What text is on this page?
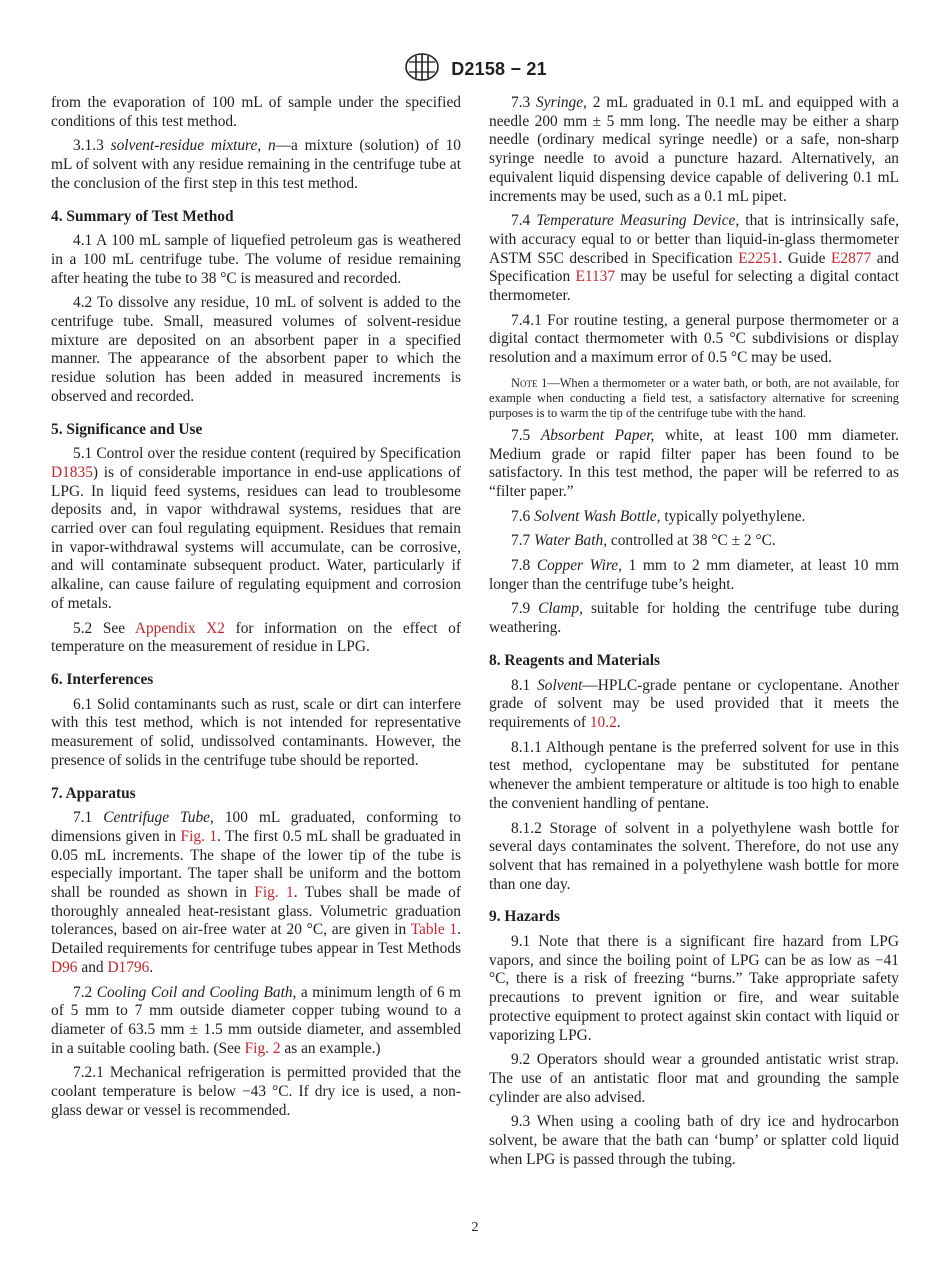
D2158 − 21

from the evaporation of 100 mL of sample under the specified conditions of this test method.

3.1.3 solvent-residue mixture, n—a mixture (solution) of 10 mL of solvent with any residue remaining in the centrifuge tube at the conclusion of the first step in this test method.

4. Summary of Test Method

4.1 A 100 mL sample of liquefied petroleum gas is weathered in a 100 mL centrifuge tube. The volume of residue remaining after heating the tube to 38 °C is measured and recorded.

4.2 To dissolve any residue, 10 mL of solvent is added to the centrifuge tube. Small, measured volumes of solvent-residue mixture are deposited on an absorbent paper in a specified manner. The appearance of the absorbent paper to which the residue solution has been added in measured increments is observed and recorded.

5. Significance and Use

5.1 Control over the residue content (required by Specification D1835) is of considerable importance in end-use applications of LPG. In liquid feed systems, residues can lead to troublesome deposits and, in vapor withdrawal systems, residues that are carried over can foul regulating equipment. Residues that remain in vapor-withdrawal systems will accumulate, can be corrosive, and will contaminate subsequent product. Water, particularly if alkaline, can cause failure of regulating equipment and corrosion of metals.

5.2 See Appendix X2 for information on the effect of temperature on the measurement of residue in LPG.

6. Interferences

6.1 Solid contaminants such as rust, scale or dirt can interfere with this test method, which is not intended for representative measurement of solid, undissolved contaminants. However, the presence of solids in the centrifuge tube should be reported.

7. Apparatus

7.1 Centrifuge Tube, 100 mL graduated, conforming to dimensions given in Fig. 1. The first 0.5 mL shall be graduated in 0.05 mL increments. The shape of the lower tip of the tube is especially important. The taper shall be uniform and the bottom shall be rounded as shown in Fig. 1. Tubes shall be made of thoroughly annealed heat-resistant glass. Volumetric graduation tolerances, based on air-free water at 20 °C, are given in Table 1. Detailed requirements for centrifuge tubes appear in Test Methods D96 and D1796.

7.2 Cooling Coil and Cooling Bath, a minimum length of 6 m of 5 mm to 7 mm outside diameter copper tubing wound to a diameter of 63.5 mm ± 1.5 mm outside diameter, and assembled in a suitable cooling bath. (See Fig. 2 as an example.)

7.2.1 Mechanical refrigeration is permitted provided that the coolant temperature is below −43 °C. If dry ice is used, a non-glass dewar or vessel is recommended.

7.3 Syringe, 2 mL graduated in 0.1 mL and equipped with a needle 200 mm ± 5 mm long. The needle may be either a sharp needle (ordinary medical syringe needle) or a safe, non-sharp syringe needle to avoid a puncture hazard. Alternatively, an equivalent liquid dispensing device capable of delivering 0.1 mL increments may be used, such as a 0.1 mL pipet.

7.4 Temperature Measuring Device, that is intrinsically safe, with accuracy equal to or better than liquid-in-glass thermometer ASTM S5C described in Specification E2251. Guide E2877 and Specification E1137 may be useful for selecting a digital contact thermometer.

7.4.1 For routine testing, a general purpose thermometer or a digital contact thermometer with 0.5 °C subdivisions or display resolution and a maximum error of 0.5 °C may be used.

Note 1—When a thermometer or a water bath, or both, are not available, for example when conducting a field test, a satisfactory alternative for screening purposes is to warm the tip of the centrifuge tube with the hand.

7.5 Absorbent Paper, white, at least 100 mm diameter. Medium grade or rapid filter paper has been found to be satisfactory. In this test method, the paper will be referred to as “filter paper.”

7.6 Solvent Wash Bottle, typically polyethylene.

7.7 Water Bath, controlled at 38 °C ± 2 °C.

7.8 Copper Wire, 1 mm to 2 mm diameter, at least 10 mm longer than the centrifuge tube’s height.

7.9 Clamp, suitable for holding the centrifuge tube during weathering.

8. Reagents and Materials

8.1 Solvent—HPLC-grade pentane or cyclopentane. Another grade of solvent may be used provided that it meets the requirements of 10.2.

8.1.1 Although pentane is the preferred solvent for use in this test method, cyclopentane may be substituted for pentane whenever the ambient temperature or altitude is too high to enable the convenient handling of pentane.

8.1.2 Storage of solvent in a polyethylene wash bottle for several days contaminates the solvent. Therefore, do not use any solvent that has remained in a polyethylene wash bottle for more than one day.

9. Hazards

9.1 Note that there is a significant fire hazard from LPG vapors, and since the boiling point of LPG can be as low as −41 °C, there is a risk of freezing “burns.” Take appropriate safety precautions to prevent ignition or fire, and wear suitable protective equipment to protect against skin contact with liquid or vaporizing LPG.

9.2 Operators should wear a grounded antistatic wrist strap. The use of an antistatic floor mat and grounding the sample cylinder are also advised.

9.3 When using a cooling bath of dry ice and hydrocarbon solvent, be aware that the bath can ‘bump’ or splatter cold liquid when LPG is passed through the tubing.

2
